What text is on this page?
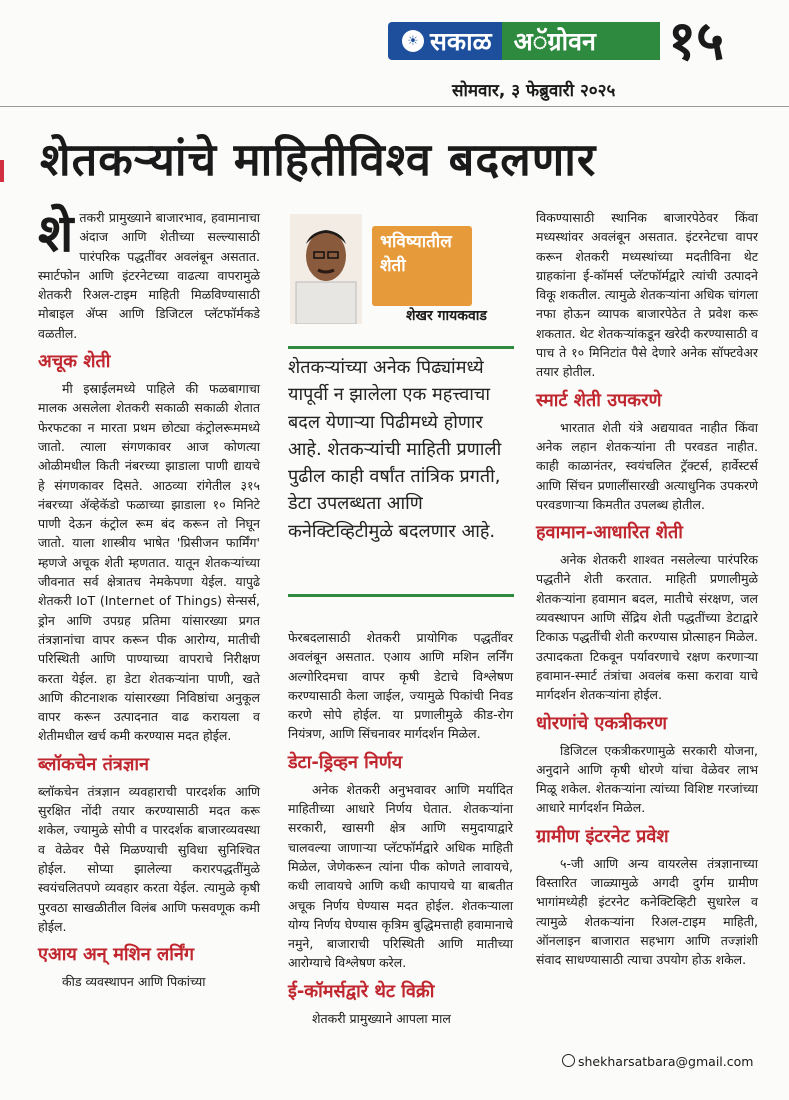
☀ सकाळ अॅग्रोवन	१५
सोमवार, ३ फेब्रुवारी २०२५
शेतकऱ्यांचे माहितीविश्‍व बदलणार

शेतकरी प्रामुख्याने बाजारभाव, हवामानाचा अंदाज आणि शेतीच्या सल्ल्यासाठी पारंपरिक पद्धतींवर अवलंबून असतात. स्मार्टफोन आणि इंटरनेटच्या वाढत्या वापरामुळे शेतकरी रिअल-टाइम माहिती मिळविण्यासाठी मोबाइल ॲप्स आणि डिजिटल प्लॅटफॉर्मकडे वळतील.

अचूक शेती

मी इस्राईलमध्ये पाहिले की फळबागाचा मालक असलेला शेतकरी सकाळी सकाळी शेतात फेरफटका न मारता प्रथम छोट्या कंट्रोलरूममध्ये जातो. त्याला संगणकावर आज कोणत्या ओळीमधील किती नंबरच्या झाडाला पाणी द्यायचे हे संगणकावर दिसते. आठव्या रांगेतील ३१५ नंबरच्या ॲव्हेकॅडो फळाच्या झाडाला १० मिनिटे पाणी देऊन कंट्रोल रूम बंद करून तो निघून जातो. याला शास्त्रीय भाषेत 'प्रिसीजन फार्मिंग' म्हणजे अचूक शेती म्हणतात. यातून शेतकऱ्यांच्या जीवनात सर्व क्षेत्रातच नेमकेपणा येईल. यापुढे शेतकरी IoT (Internet of Things) सेन्सर्स, ड्रोन आणि उपग्रह प्रतिमा यांसारख्या प्रगत तंत्रज्ञानांचा वापर करून पीक आरोग्य, मातीची परिस्थिती आणि पाण्याच्या वापराचे निरीक्षण करता येईल. हा डेटा शेतकऱ्यांना पाणी, खते आणि कीटनाशक यांसारख्या निविष्ठांचा अनुकूल वापर करून उत्पादनात वाढ करायला व शेतीमधील खर्च कमी करण्यास मदत होईल.

ब्लॉकचेन तंत्रज्ञान

ब्लॉकचेन तंत्रज्ञान व्यवहाराची पारदर्शक आणि सुरक्षित नोंदी तयार करण्यासाठी मदत करू शकेल, ज्यामुळे सोपी व पारदर्शक बाजारव्यवस्था व वेळेवर पैसे मिळण्याची सुविधा सुनिश्चित होईल. सोप्या झालेल्या करारपद्धतींमुळे स्वयंचलितपणे व्यवहार करता येईल. त्यामुळे कृषी पुरवठा साखळीतील विलंब आणि फसवणूक कमी होईल.

एआय अन् मशिन लर्निंग

कीड व्यवस्थापन आणि पिकांच्या

भविष्यातील शेती
शेखर गायकवाड
शेतकऱ्यांच्या अनेक पिढ्यांमध्ये यापूर्वी न झालेला एक महत्त्वाचा बदल येणाऱ्या पिढीमध्ये होणार आहे. शेतकऱ्यांची माहिती प्रणाली पुढील काही वर्षांत तांत्रिक प्रगती, डेटा उपलब्धता आणि कनेक्टिव्हिटीमुळे बदलणार आहे.

फेरबदलासाठी शेतकरी प्रायोगिक पद्धतींवर अवलंबून असतात. एआय आणि मशिन लर्निंग अल्गोरिदमचा वापर कृषी डेटाचे विश्लेषण करण्यासाठी केला जाईल, ज्यामुळे पिकांची निवड करणे सोपे होईल. या प्रणालीमुळे कीड-रोग नियंत्रण, आणि सिंचनावर मार्गदर्शन मिळेल.

डेटा-ड्रिव्हन निर्णय

अनेक शेतकरी अनुभवावर आणि मर्यादित माहितीच्या आधारे निर्णय घेतात. शेतकऱ्यांना सरकारी, खासगी क्षेत्र आणि समुदायाद्वारे चालवल्या जाणाऱ्या प्लॅटफॉर्मद्वारे अधिक माहिती मिळेल, जेणेकरून त्यांना पीक कोणते लावायचे, कधी लावायचे आणि कधी कापायचे या बाबतीत अचूक निर्णय घेण्यास मदत होईल. शेतकऱ्याला योग्य निर्णय घेण्यास कृत्रिम बुद्धिमत्ताही हवामानाचे नमुने, बाजाराची परिस्थिती आणि मातीच्या आरोग्याचे विश्लेषण करेल.

ई-कॉमर्सद्वारे थेट विक्री

शेतकरी प्रामुख्याने आपला माल

विकण्यासाठी स्थानिक बाजारपेठेवर किंवा मध्यस्थांवर अवलंबून असतात. इंटरनेटचा वापर करून शेतकरी मध्यस्थांच्या मदतीविना थेट ग्राहकांना ई-कॉमर्स प्लॅटफॉर्मद्वारे त्यांची उत्पादने विकू शकतील. त्यामुळे शेतकऱ्यांना अधिक चांगला नफा होऊन व्यापक बाजारपेठेत ते प्रवेश करू शकतात. थेट शेतकऱ्यांकडून खरेदी करण्यासाठी व पाच ते १० मिनिटांत पैसे देणारे अनेक सॉफ्टवेअर तयार होतील.

स्मार्ट शेती उपकरणे

भारतात शेती यंत्रे अद्ययावत नाहीत किंवा अनेक लहान शेतकऱ्यांना ती परवडत नाहीत. काही काळानंतर, स्वयंचलित ट्रॅक्टर्स, हार्वेस्टर्स आणि सिंचन प्रणालींसारखी अत्याधुनिक उपकरणे परवडणाऱ्या किमतीत उपलब्ध होतील.

हवामान-आधारित शेती

अनेक शेतकरी शाश्‍वत नसलेल्या पारंपरिक पद्धतीने शेती करतात. माहिती प्रणालीमुळे शेतकऱ्यांना हवामान बदल, मातीचे संरक्षण, जल व्यवस्थापन आणि सेंद्रिय शेती पद्धतींच्या डेटाद्वारे टिकाऊ पद्धतींची शेती करण्यास प्रोत्साहन मिळेल. उत्पादकता टिकवून पर्यावरणाचे रक्षण करणाऱ्या हवामान-स्मार्ट तंत्रांचा अवलंब कसा करावा याचे मार्गदर्शन शेतकऱ्यांना होईल.

धोरणांचे एकत्रीकरण

डिजिटल एकत्रीकरणामुळे सरकारी योजना, अनुदाने आणि कृषी धोरणे यांचा वेळेवर लाभ मिळू शकेल. शेतकऱ्यांना त्यांच्या विशिष्ट गरजांच्या आधारे मार्गदर्शन मिळेल.

ग्रामीण इंटरनेट प्रवेश

५-जी आणि अन्य वायरलेस तंत्रज्ञानाच्या विस्तारित जाळ्यामुळे अगदी दुर्गम ग्रामीण भागांमध्येही इंटरनेट कनेक्टिव्हिटी सुधारेल व त्यामुळे शेतकऱ्यांना रिअल-टाइम माहिती, ऑनलाइन बाजारात सहभाग आणि तज्ज्ञांशी संवाद साधण्यासाठी त्याचा उपयोग होऊ शकेल.

shekharsatbara@gmail.com
